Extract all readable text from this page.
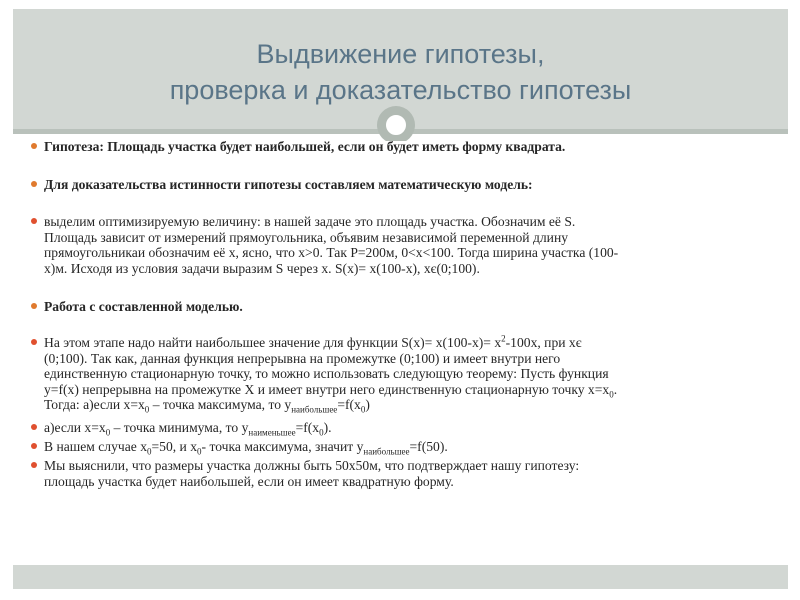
Выдвижение гипотезы,
проверка и доказательство гипотезы
Гипотеза: Площадь участка будет наибольшей, если он будет иметь форму квадрата.
Для доказательства истинности гипотезы составляем математическую модель:
выделим оптимизируемую величину: в нашей задаче это площадь участка. Обозначим её S.
Площадь зависит от измерений прямоугольника, объявим независимой переменной длину
прямоугольникаи обозначим её x, ясно, что x>0. Так P=200м, 0<x<100. Тогда ширина участка (100-
x)м. Исходя из условия задачи выразим S через x. S(x)= x(100-x), xє(0;100).
Работа с составленной моделью.
На этом этапе надо найти наибольшее значение для функции $S(x)= x(100-x)= x^2-100x$, при xє
(0;100). Так как, данная функция непрерывна на промежутке (0;100) и имеет внутри него
единственную стационарную точку, то можно использовать следующую теорему: Пусть функция
y=f(x) непрерывна на промежутке X и имеет внутри него единственную стационарную точку $x=x_0$.
Тогда: а)если $x=x_0$ – точка максимума, то $y_{наибольшее}=f(x_0)$
а)если $x=x_0$ – точка минимума, то $y_{наименьшее}=f(x_0)$.
В нашем случае $x_0=50$, и $x_0-$ точка максимума, значит $y_{наибольшее}=f(50)$.
Мы выяснили, что размеры участка должны быть 50x50м, что подтверждает нашу гипотезу:
площадь участка будет наибольшей, если он имеет квадратную форму.
